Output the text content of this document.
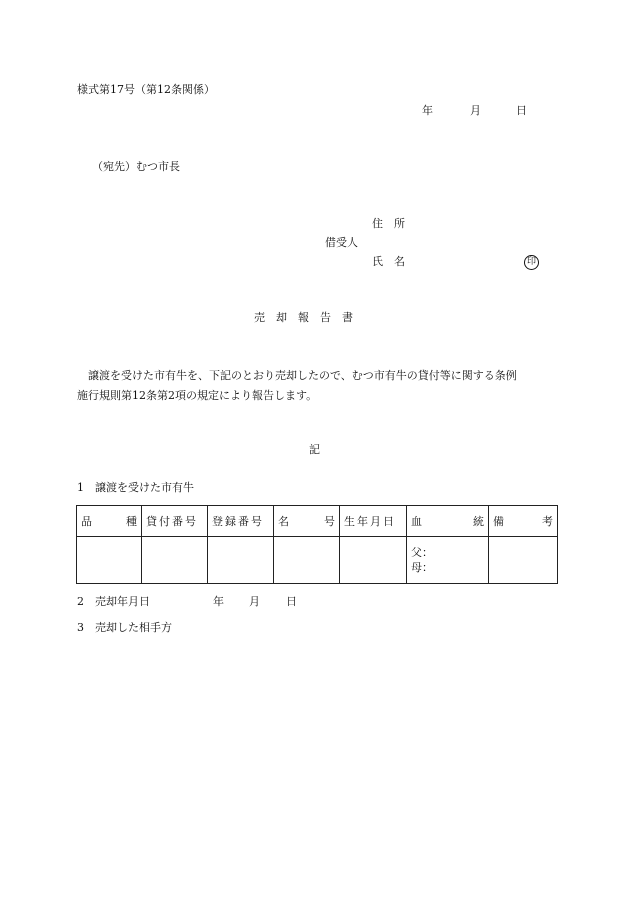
様式第17号（第12条関係）
年	月	日
（宛先）むつ市長
住　所
借受人
氏　名	印
売　却　報　告　書
譲渡を受けた市有牛を、下記のとおり売却したので、むつ市有牛の貸付等に関する条例
施行規則第12条第2項の規定により報告します。
記
1　譲渡を受けた市有牛
品 種	貸付番号	登録番号	名 号	生年月日	血 統	備 考

					父：
母：	

2　売却年月日	年 月 日
3　売却した相手方
